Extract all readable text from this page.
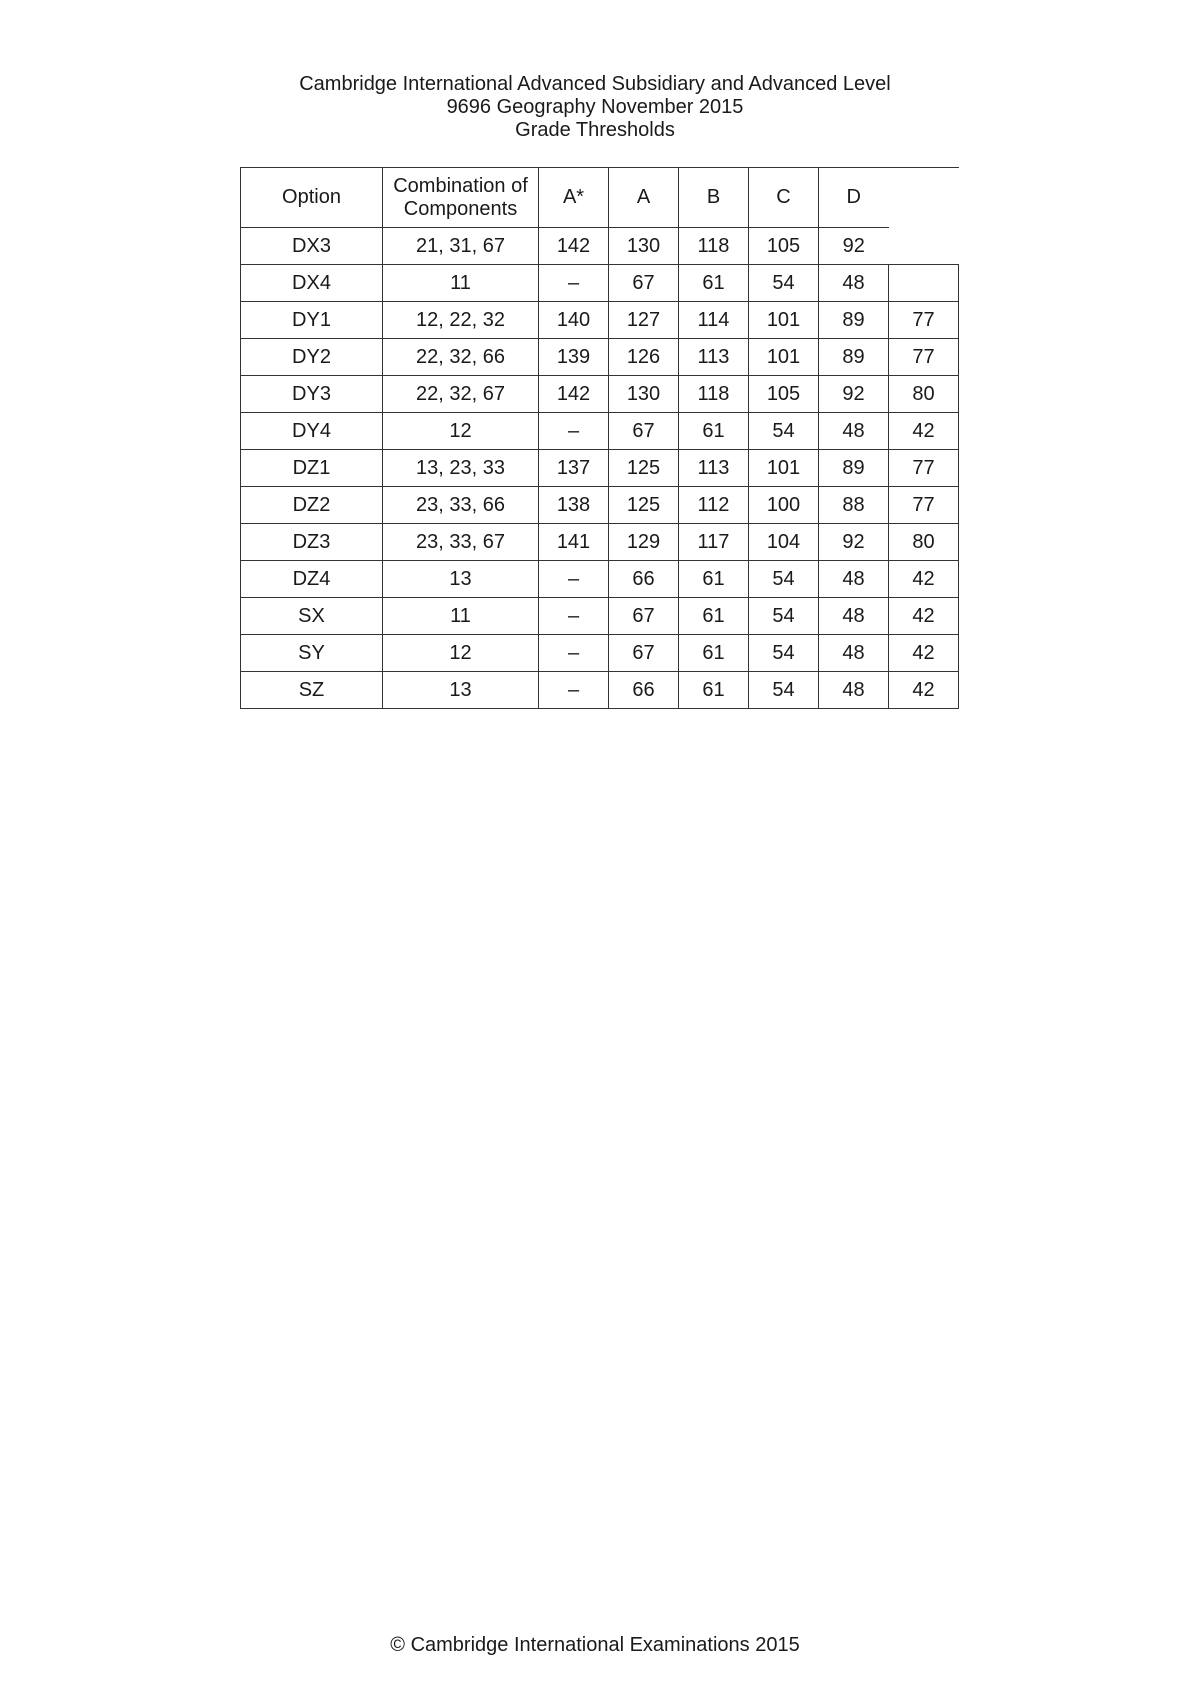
Cambridge International Advanced Subsidiary and Advanced Level
9696 Geography November 2015
Grade Thresholds
Option	Combination of Components	A*	A	B	C	D	
DX3	21, 31, 67	142	130	118	105	92	
DX4	11	–	67	61	54	48	
DY1	12, 22, 32	140	127	114	101	89	77
DY2	22, 32, 66	139	126	113	101	89	77
DY3	22, 32, 67	142	130	118	105	92	80
DY4	12	–	67	61	54	48	42
DZ1	13, 23, 33	137	125	113	101	89	77
DZ2	23, 33, 66	138	125	112	100	88	77
DZ3	23, 33, 67	141	129	117	104	92	80
DZ4	13	–	66	61	54	48	42
SX	11	–	67	61	54	48	42
SY	12	–	67	61	54	48	42
SZ	13	–	66	61	54	48	42
© Cambridge International Examinations 2015
